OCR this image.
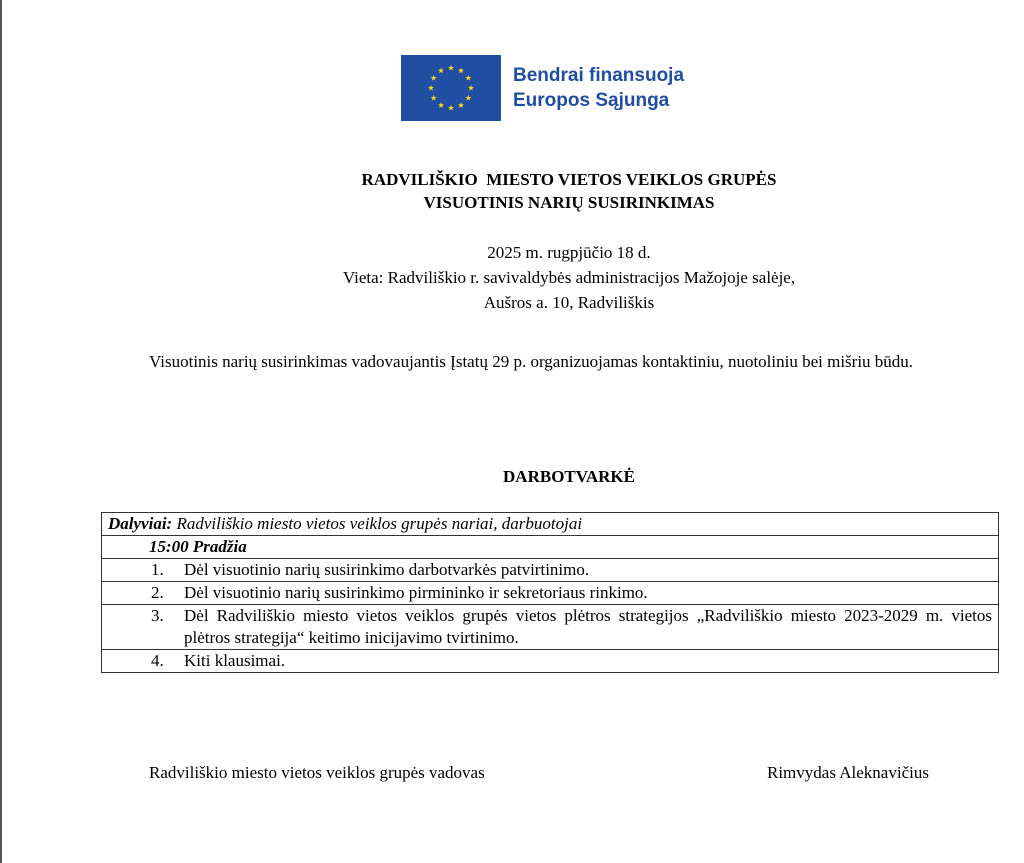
Bendrai finansuoja
Europos Sąjunga
RADVILIŠKIO  MIESTO VIETOS VEIKLOS GRUPĖS
VISUOTINIS NARIŲ SUSIRINKIMAS
2025 m. rugpjūčio 18 d.
Vieta: Radviliškio r. savivaldybės administracijos Mažojoje salėje,
Aušros a. 10, Radviliškis
Visuotinis narių susirinkimas vadovaujantis Įstatų 29 p. organizuojamas kontaktiniu, nuotoliniu bei mišriu būdu.
DARBOTVARKĖ
Dalyviai: Radviliškio miesto vietos veiklos grupės nariai, darbuotojai
15:00 Pradžia

1.	Dėl visuotinio narių susirinkimo darbotvarkės patvirtinimo.

2.	Dėl visuotinio narių susirinkimo pirmininko ir sekretoriaus rinkimo.

3.	Dėl Radviliškio miesto vietos veiklos grupės vietos plėtros strategijos „Radviliškio miesto 2023-2029 m. vietos plėtros strategija“ keitimo inicijavimo tvirtinimo.

4.	Kiti klausimai.
Radviliškio miesto vietos veiklos grupės vadovas	Rimvydas Aleknavičius
